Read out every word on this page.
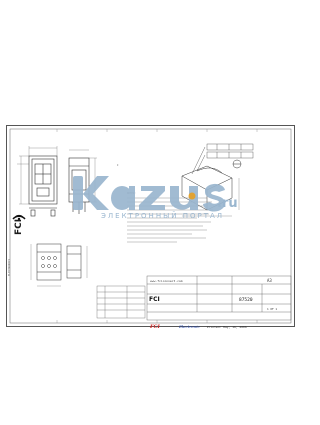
C
.ru
ЭЛЕКТРОННЫЙ ПОРТАЛ
FCI
ELECTRONICS
www.fciconnect.com
87520
A3
1 OF 1
FCI	Electronic Printed: May, 16, 2006
FCI
